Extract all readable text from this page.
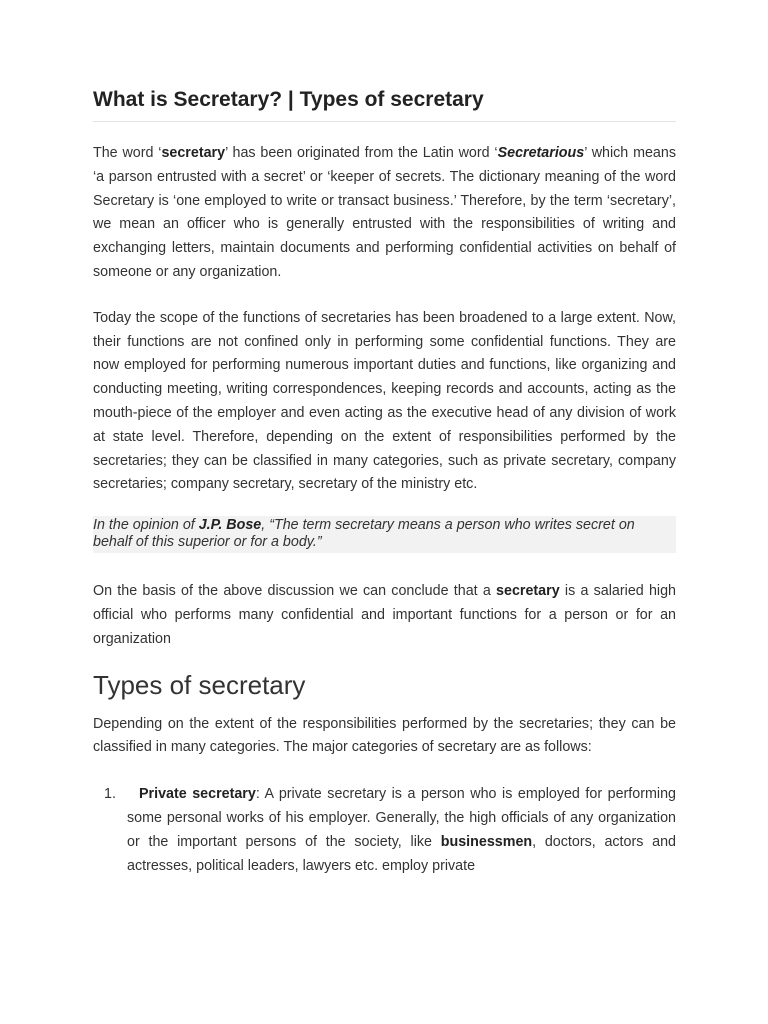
What is Secretary? | Types of secretary

The word ‘secretary’ has been originated from the Latin word ‘Secretarious’ which means ‘a parson entrusted with a secret’ or ‘keeper of secrets. The dictionary meaning of the word Secretary is ‘one employed to write or transact business.’ Therefore, by the term ‘secretary’, we mean an officer who is generally entrusted with the responsibilities of writing and exchanging letters, maintain documents and performing confidential activities on behalf of someone or any organization.

Today the scope of the functions of secretaries has been broadened to a large extent. Now, their functions are not confined only in performing some confidential functions. They are now employed for performing numerous important duties and functions, like organizing and conducting meeting, writing correspondences, keeping records and accounts, acting as the mouth-piece of the employer and even acting as the executive head of any division of work at state level. Therefore, depending on the extent of responsibilities performed by the secretaries; they can be classified in many categories, such as private secretary, company secretaries; company secretary, secretary of the ministry etc.

In the opinion of J.P. Bose, “The term secretary means a person who writes secret on behalf of this superior or for a body.”

On the basis of the above discussion we can conclude that a secretary is a salaried high official who performs many confidential and important functions for a person or for an organization

Types of secretary

Depending on the extent of the responsibilities performed by the secretaries; they can be classified in many categories. The major categories of secretary are as follows:

1. Private secretary: A private secretary is a person who is employed for performing some personal works of his employer. Generally, the high officials of any organization or the important persons of the society, like businessmen, doctors, actors and actresses, political leaders, lawyers etc. employ private
